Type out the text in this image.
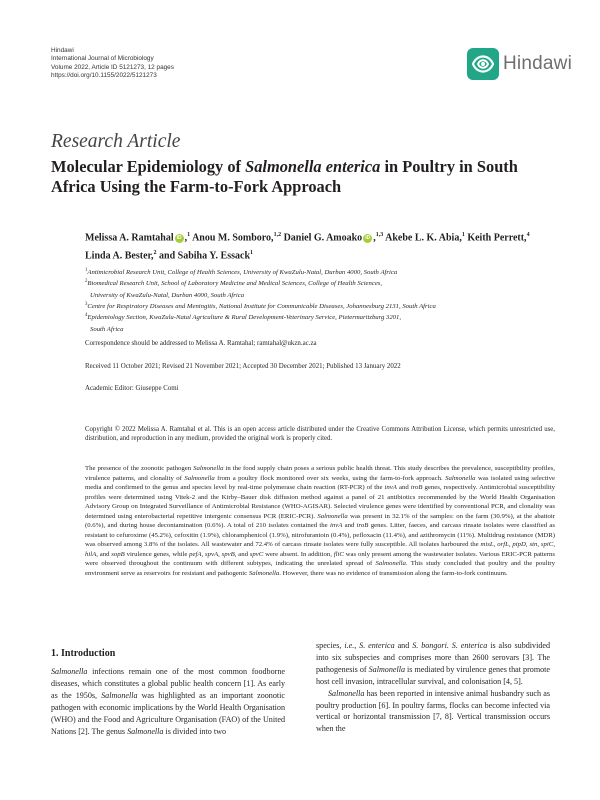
Hindawi
International Journal of Microbiology
Volume 2022, Article ID 5121273, 12 pages
https://doi.org/10.1155/2022/5121273
Hindawi
Research Article
Molecular Epidemiology of Salmonella enterica in Poultry in South Africa Using the Farm-to-Fork Approach
Melissa A. Ramtahal iD ,$^1$ Anou M. Somboro,$^{1,2}$ Daniel G. Amoako iD ,$^{1,3}$ Akebe L. K. Abia,$^1$ Keith Perrett,$^4$ Linda A. Bester,$^2$ and Sabiha Y. Essack$^1$

$^1$Antimicrobial Research Unit, College of Health Sciences, University of KwaZulu-Natal, Durban 4000, South Africa

$^2$Biomedical Research Unit, School of Laboratory Medicine and Medical Sciences, College of Health Sciences,

University of KwaZulu-Natal, Durban 4000, South Africa

$^3$Centre for Respiratory Diseases and Meningitis, National Institute for Communicable Diseases, Johannesburg 2131, South Africa

$^4$Epidemiology Section, KwaZulu-Natal Agriculture & Rural Development-Veterinary Service, Pietermaritzburg 3201,

South Africa

Correspondence should be addressed to Melissa A. Ramtahal; ramtahal@ukzn.ac.za
Received 11 October 2021; Revised 21 November 2021; Accepted 30 December 2021; Published 13 January 2022
Academic Editor: Giuseppe Comi
Copyright © 2022 Melissa A. Ramtahal et al. This is an open access article distributed under the Creative Commons Attribution License, which permits unrestricted use, distribution, and reproduction in any medium, provided the original work is properly cited.
The presence of the zoonotic pathogen Salmonella in the food supply chain poses a serious public health threat. This study describes the prevalence, susceptibility profiles, virulence patterns, and clonality of Salmonella from a poultry flock monitored over six weeks, using the farm-to-fork approach. Salmonella was isolated using selective media and confirmed to the genus and species level by real-time polymerase chain reaction (RT-PCR) of the invA and iroB genes, respectively. Antimicrobial susceptibility profiles were determined using Vitek-2 and the Kirby–Bauer disk diffusion method against a panel of 21 antibiotics recommended by the World Health Organisation Advisory Group on Integrated Surveillance of Antimicrobial Resistance (WHO-AGISAR). Selected virulence genes were identified by conventional PCR, and clonality was determined using enterobacterial repetitive intergenic consensus PCR (ERIC-PCR). Salmonella was present in 32.1% of the samples: on the farm (30.9%), at the abattoir (0.6%), and during house decontamination (0.6%). A total of 210 isolates contained the invA and iroB genes. Litter, faeces, and carcass rinsate isolates were classified as resistant to cefuroxime (45.2%), cefoxitin (1.9%), chloramphenicol (1.9%), nitrofurantoin (0.4%), pefloxacin (11.4%), and azithromycin (11%). Multidrug resistance (MDR) was observed among 3.8% of the isolates. All wastewater and 72.4% of carcass rinsate isolates were fully susceptible. All isolates harboured the misL, orfL, pipD, stn, spiC, hilA, and sopB virulence genes, while pefA, spvA, spvB, and spvC were absent. In addition, fliC was only present among the wastewater isolates. Various ERIC-PCR patterns were observed throughout the continuum with different subtypes, indicating the unrelated spread of Salmonella. This study concluded that poultry and the poultry environment serve as reservoirs for resistant and pathogenic Salmonella. However, there was no evidence of transmission along the farm-to-fork continuum.
1. Introduction

Salmonella infections remain one of the most common foodborne diseases, which constitutes a global public health concern [1]. As early as the 1950s, Salmonella was highlighted as an important zoonotic pathogen with economic implications by the World Health Organisation (WHO) and the Food and Agriculture Organisation (FAO) of the United Nations [2]. The genus Salmonella is divided into two

species, i.e., S. enterica and S. bongori. S. enterica is also subdivided into six subspecies and comprises more than 2600 serovars [3]. The pathogenesis of Salmonella is mediated by virulence genes that promote host cell invasion, intracellular survival, and colonisation [4, 5].

Salmonella has been reported in intensive animal husbandry such as poultry production [6]. In poultry farms, flocks can become infected via vertical or horizontal transmission [7, 8]. Vertical transmission occurs when the
